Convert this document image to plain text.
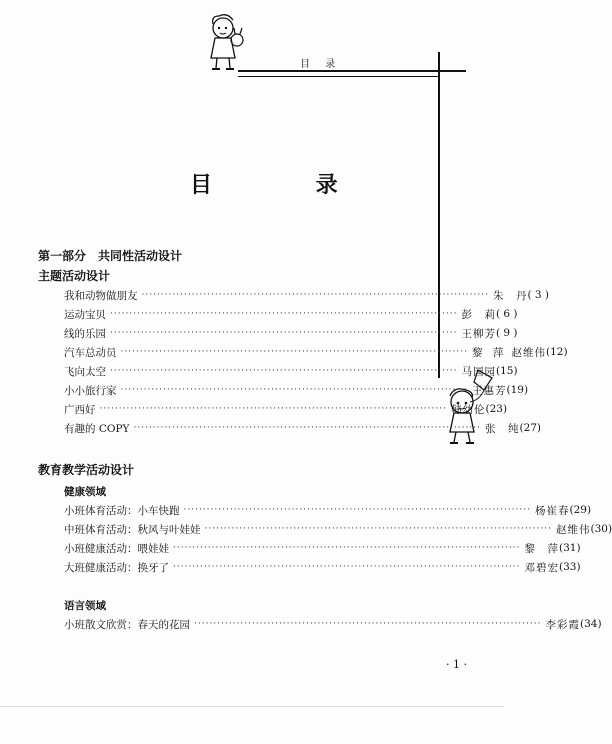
目 录
目 录
第一部分　共同性活动设计
主题活动设计
我和动物做朋友 ·························································································· 朱　丹 ( 3 )
运动宝贝 ·························································································· 彭　莉 ( 6 )
线的乐园 ·························································································· 王柳芳 ( 9 )
汽车总动员 ·························································································· 黎　萍 赵维伟 (12)
飞向太空 ·························································································· 马园园 (15)
小小旅行家 ·························································································· 王惠芳 (19)
广西好 ·························································································· 韩幼伦 (23)
有趣的 COPY ·························································································· 张　纯 (27)
教育教学活动设计
健康领域
小班体育活动：小车快跑 ·························································································· 杨崔春 (29)
中班体育活动：秋风与叶娃娃 ·························································································· 赵维伟 (30)
小班健康活动：喂娃娃 ·························································································· 黎　萍 (31)
大班健康活动：换牙了 ·························································································· 邓碧宏 (33)
语言领域
小班散文欣赏：春天的花园 ·························································································· 李彩霞 (34)
· 1 ·
